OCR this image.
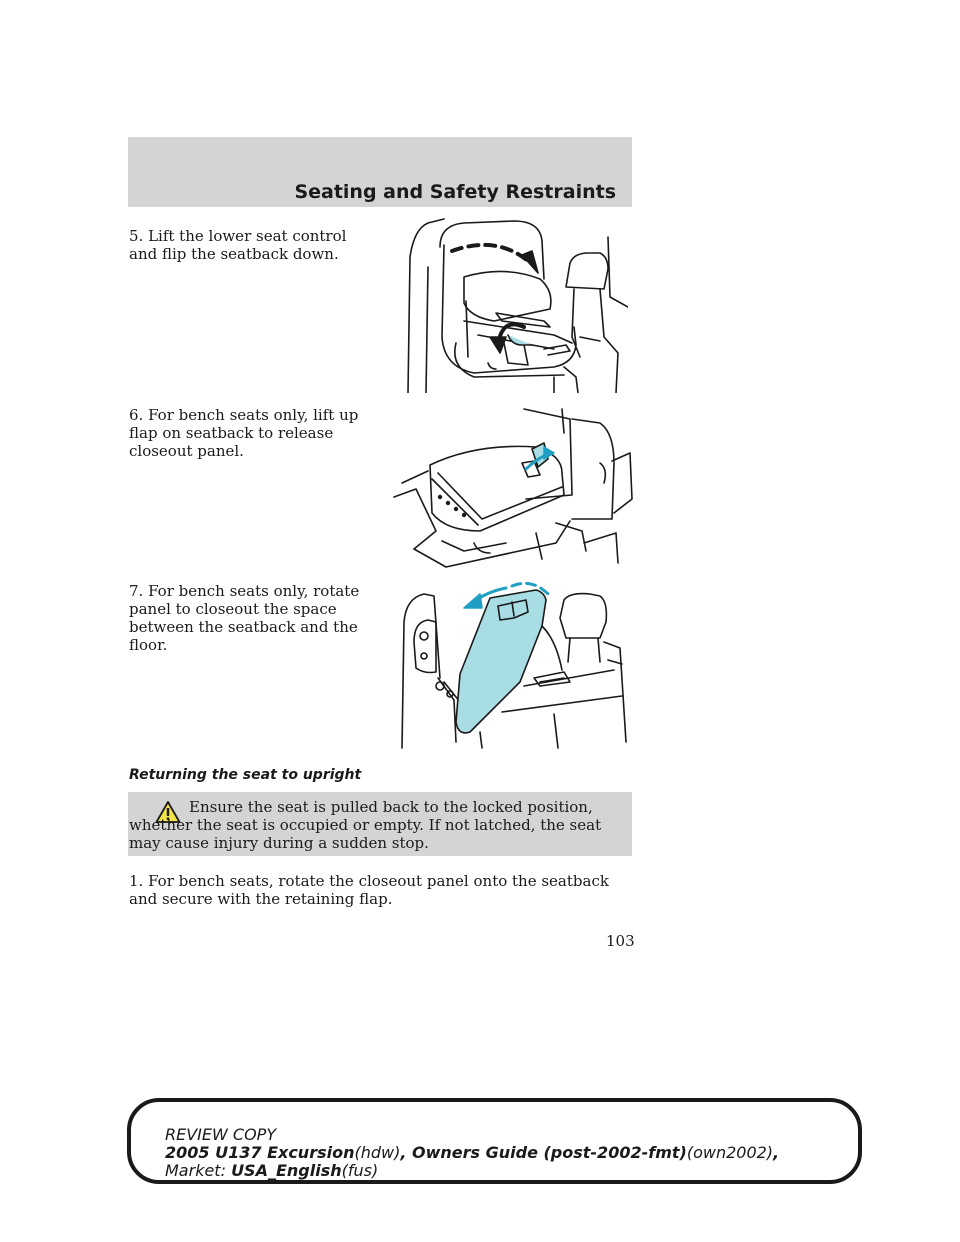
Seating and Safety Restraints
5. Lift the lower seat control and flip the seatback down.
6. For bench seats only, lift up flap on seatback to release closeout panel.
7. For bench seats only, rotate panel to closeout the space between the seatback and the floor.
Returning the seat to upright
Ensure the seat is pulled back to the locked position, whether the seat is occupied or empty. If not latched, the seat may cause injury during a sudden stop.
1. For bench seats, rotate the closeout panel onto the seatback and secure with the retaining flap.
103
REVIEW COPY
2005 U137 Excursion(hdw), Owners Guide (post-2002-fmt)(own2002),
Market: USA_English(fus)
